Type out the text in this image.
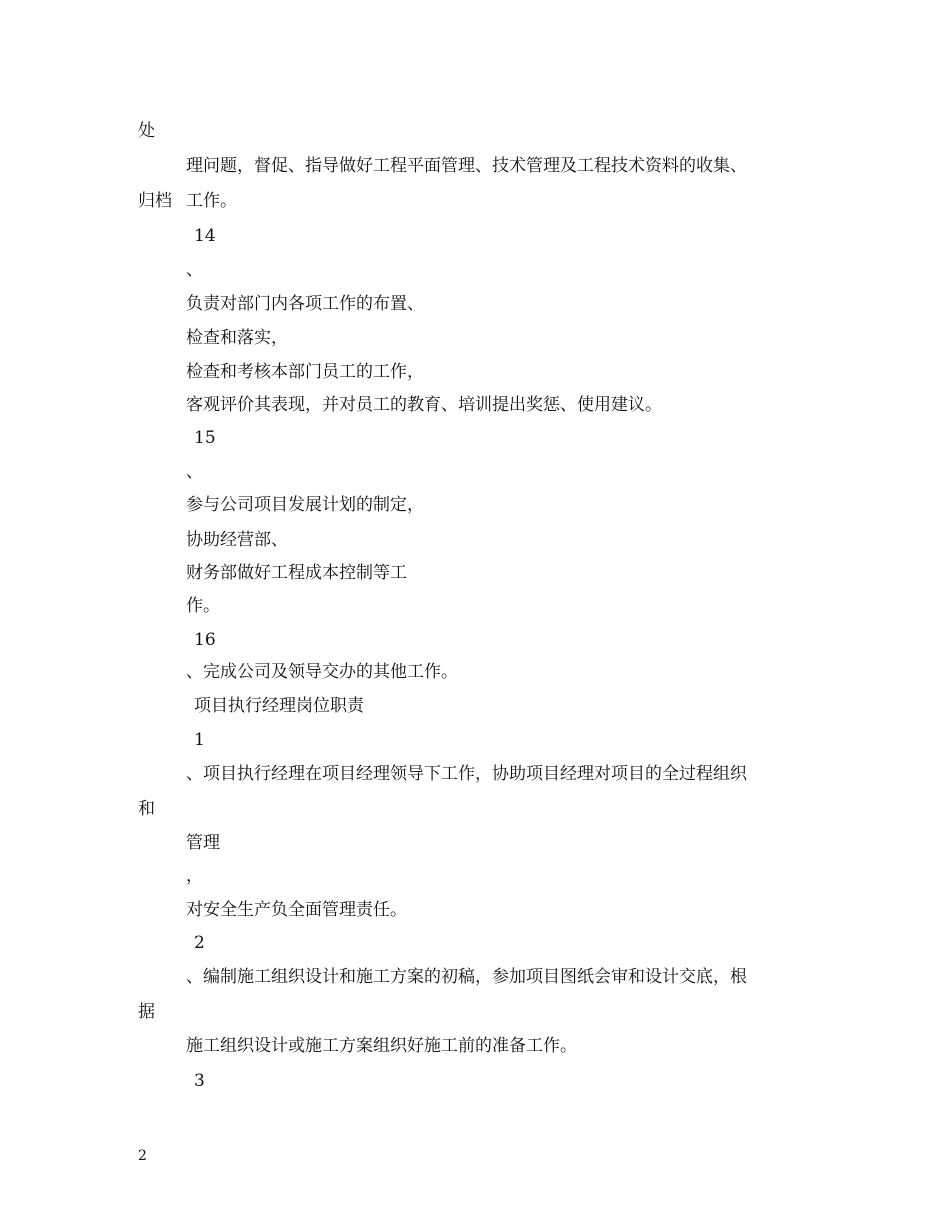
处
理问题，督促、指导做好工程平面管理、技术管理及工程技术资料的收集、
归档 工作。
14
、
负责对部门内各项工作的布置、
检查和落实，
检查和考核本部门员工的工作，
客观评价其表现，并对员工的教育、培训提出奖惩、使用建议。
15
、
参与公司项目发展计划的制定，
协助经营部、
财务部做好工程成本控制等工
作。
16
、完成公司及领导交办的其他工作。
项目执行经理岗位职责
1
、项目执行经理在项目经理领导下工作，协助项目经理对项目的全过程组织
和
管理
，
对安全生产负全面管理责任。
2
、编制施工组织设计和施工方案的初稿，参加项目图纸会审和设计交底，根
据
施工组织设计或施工方案组织好施工前的准备工作。
3
2
